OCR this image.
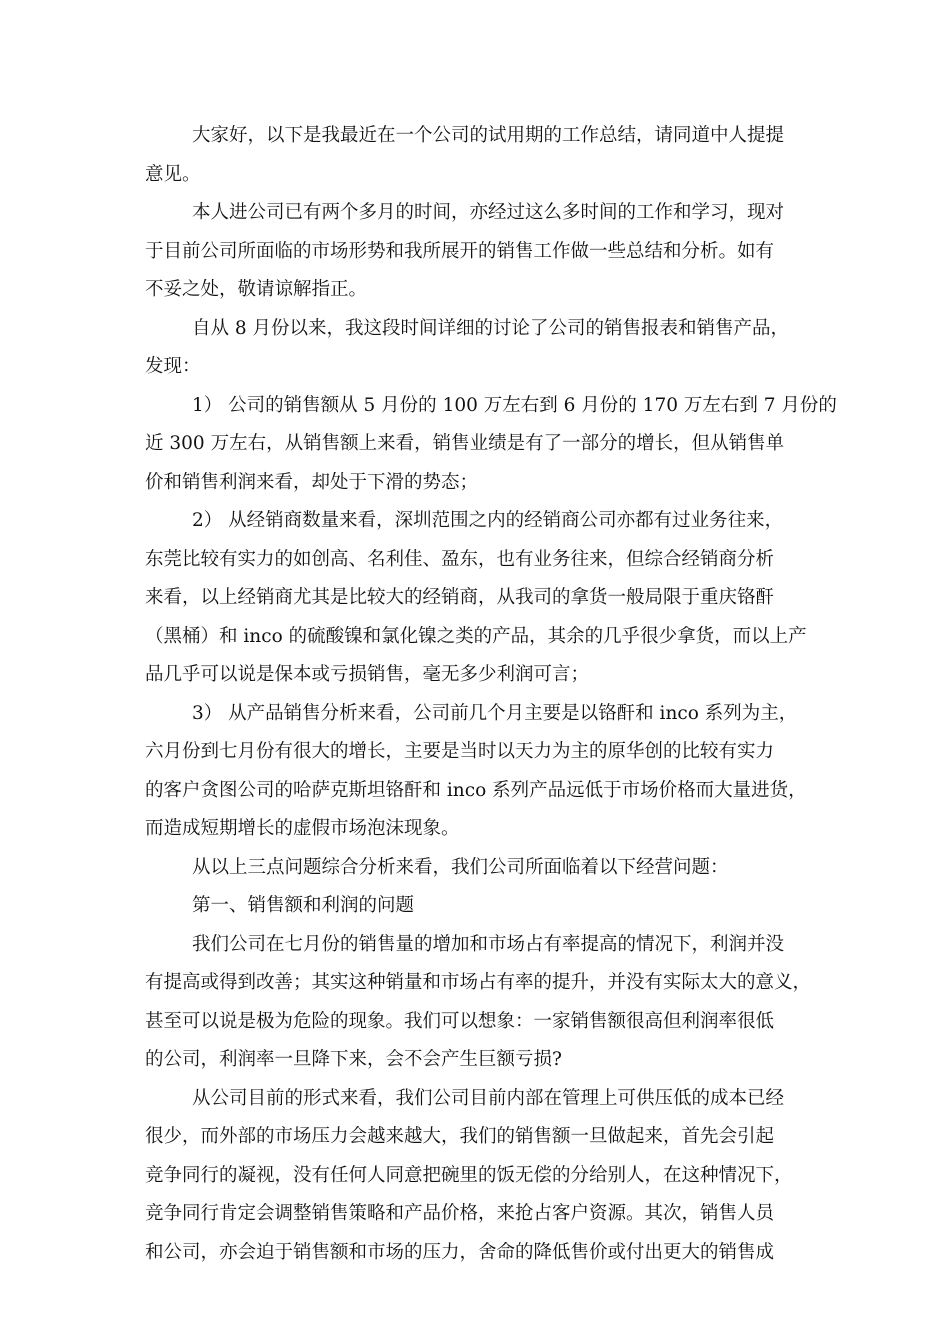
大家好，以下是我最近在一个公司的试用期的工作总结，请同道中人提提
意见。
本人进公司已有两个多月的时间，亦经过这么多时间的工作和学习，现对
于目前公司所面临的市场形势和我所展开的销售工作做一些总结和分析。如有
不妥之处，敬请谅解指正。
自从 8 月份以来，我这段时间详细的讨论了公司的销售报表和销售产品，
发现：
1） 公司的销售额从 5 月份的 100 万左右到 6 月份的 170 万左右到 7 月份的
近 300 万左右，从销售额上来看，销售业绩是有了一部分的增长，但从销售单
价和销售利润来看，却处于下滑的势态；
2） 从经销商数量来看，深圳范围之内的经销商公司亦都有过业务往来，
东莞比较有实力的如创高、名利佳、盈东，也有业务往来，但综合经销商分析
来看，以上经销商尤其是比较大的经销商，从我司的拿货一般局限于重庆铬酐
（黑桶）和 inco 的硫酸镍和氯化镍之类的产品，其余的几乎很少拿货，而以上产
品几乎可以说是保本或亏损销售，毫无多少利润可言；
3） 从产品销售分析来看，公司前几个月主要是以铬酐和 inco 系列为主，
六月份到七月份有很大的增长，主要是当时以天力为主的原华创的比较有实力
的客户贪图公司的哈萨克斯坦铬酐和 inco 系列产品远低于市场价格而大量进货，
而造成短期增长的虚假市场泡沫现象。
从以上三点问题综合分析来看，我们公司所面临着以下经营问题：
第一、销售额和利润的问题
我们公司在七月份的销售量的增加和市场占有率提高的情况下，利润并没
有提高或得到改善；其实这种销量和市场占有率的提升，并没有实际太大的意义，
甚至可以说是极为危险的现象。我们可以想象：一家销售额很高但利润率很低
的公司，利润率一旦降下来，会不会产生巨额亏损?
从公司目前的形式来看，我们公司目前内部在管理上可供压低的成本已经
很少，而外部的市场压力会越来越大，我们的销售额一旦做起来，首先会引起
竞争同行的凝视，没有任何人同意把碗里的饭无偿的分给别人，在这种情况下，
竞争同行肯定会调整销售策略和产品价格，来抢占客户资源。其次，销售人员
和公司，亦会迫于销售额和市场的压力，舍命的降低售价或付出更大的销售成
